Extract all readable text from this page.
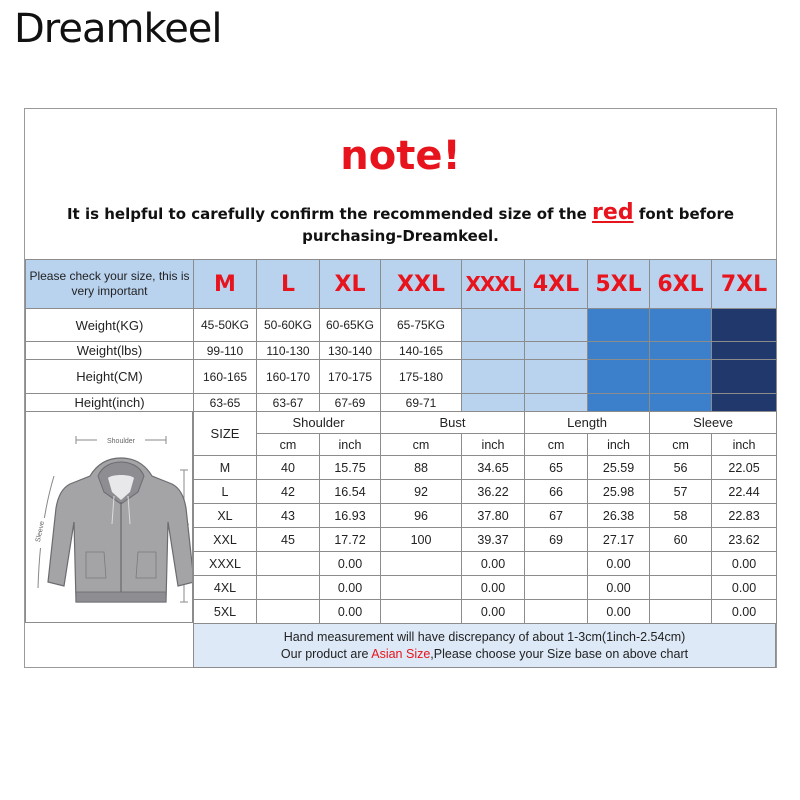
Dreamkeel
note!
It is helpful to carefully confirm the recommended size of the red font before
purchasing-Dreamkeel.
Please check your size, this is very important	M	L	XL	XXL	XXXL	4XL	5XL	6XL	7XL
Weight(KG)	45-50KG	50-60KG	60-65KG	65-75KG					
Weight(lbs)	99-110	110-130	130-140	140-165					
Height(CM)	160-165	160-170	170-175	175-180					
Height(inch)	63-65	63-67	67-69	69-71					
Shoulder
Sleeve
SIZE	Shoulder		Bust		Length		Sleeve	
	cm	inch	cm	inch	cm	inch	cm	inch
M	40	15.75	88	34.65	65	25.59	56	22.05
L	42	16.54	92	36.22	66	25.98	57	22.44
XL	43	16.93	96	37.80	67	26.38	58	22.83
XXL	45	17.72	100	39.37	69	27.17	60	23.62
XXXL		0.00		0.00		0.00		0.00
4XL		0.00		0.00		0.00		0.00
5XL		0.00		0.00		0.00		0.00
Hand measurement will have discrepancy of about 1-3cm(1inch-2.54cm)
Our product are Asian Size,Please choose your Size base on above chart
